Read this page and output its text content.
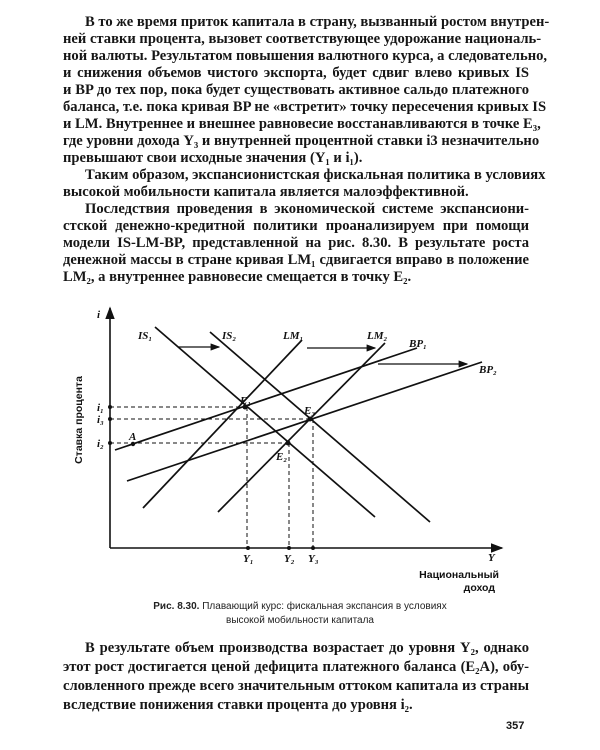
В то же время приток капитала в страну, вызванный ростом внутрен-
ней ставки процента, вызовет соответствующее удорожание националь-
ной валюты. Результатом повышения валютного курса, а следовательно,
и снижения объемов чистого экспорта, будет сдвиг влево кривых IS
и BP до тех пор, пока будет существовать активное сальдо платежного
баланса, т.е. пока кривая BP не «встретит» точку пересечения кривых IS
и LM. Внутреннее и внешнее равновесие восстанавливаются в точке E₃,
где уровни дохода Y₃ и внутренней процентной ставки i3 незначительно
превышают свои исходные значения (Y₁ и i₁).
Таким образом, экспансионистская фискальная политика в условиях
высокой мобильности капитала является малоэффективной.
Последствия проведения в экономической системе экспансиони-
стской денежно-кредитной политики проанализируем при помощи
модели IS-LM-BP, представленной на рис. 8.30. В результате роста
денежной массы в стране кривая LM₁ сдвигается вправо в положение
LM₂, а внутреннее равновесие смещается в точку E₂.
i
Y
IS₁	IS₂	LM₁	LM₂
BP₁
BP₂
E₁
E₃
E₂
A
i₁
i₃
i₂
Y₁	Y₂ Y₃
Ставка процента
Национальный
доход
Рис. 8.30. Плавающий курс: фискальная экспансия в условиях
высокой мобильности капитала
В результате объем производства возрастает до уровня Y₂, однако
этот рост достигается ценой дефицита платежного баланса (E₂A), обу-
словленного прежде всего значительным оттоком капитала из страны
вследствие понижения ставки процента до уровня i₂.
357
